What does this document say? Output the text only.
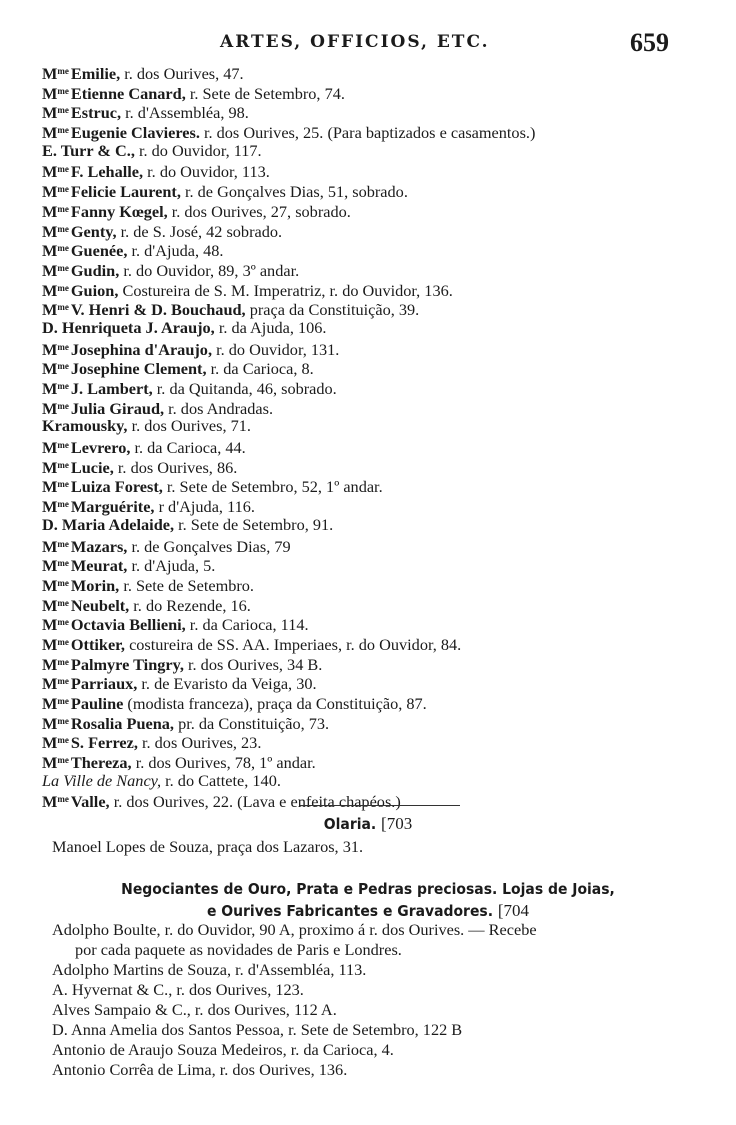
ARTES, OFFICIOS, ETC.	659
$M^{me}$ Emilie, r. dos Ourives, 47.
$M^{me}$ Etienne Canard, r. Sete de Setembro, 74.
$M^{me}$ Estruc, r. d'Assembléa, 98.
$M^{me}$ Eugenie Clavieres. r. dos Ourives, 25. (Para baptizados e casamentos.)
E. Turr & C., r. do Ouvidor, 117.
$M^{me}$ F. Lehalle, r. do Ouvidor, 113.
$M^{me}$ Felicie Laurent, r. de Gonçalves Dias, 51, sobrado.
$M^{me}$ Fanny Kœgel, r. dos Ourives, 27, sobrado.
$M^{me}$ Genty, r. de S. José, 42 sobrado.
$M^{me}$ Guenée, r. d'Ajuda, 48.
$M^{me}$ Gudin, r. do Ouvidor, 89, 3º andar.
$M^{me}$ Guion, Costureira de S. M. Imperatriz, r. do Ouvidor, 136.
$M^{me}$ V. Henri & D. Bouchaud, praça da Constituição, 39.
D. Henriqueta J. Araujo, r. da Ajuda, 106.
$M^{me}$ Josephina d'Araujo, r. do Ouvidor, 131.
$M^{me}$ Josephine Clement, r. da Carioca, 8.
$M^{me}$ J. Lambert, r. da Quitanda, 46, sobrado.
$M^{me}$ Julia Giraud, r. dos Andradas.
Kramousky, r. dos Ourives, 71.
$M^{me}$ Levrero, r. da Carioca, 44.
$M^{me}$ Lucie, r. dos Ourives, 86.
$M^{me}$ Luiza Forest, r. Sete de Setembro, 52, 1º andar.
$M^{me}$ Marguérite, r d'Ajuda, 116.
D. Maria Adelaide, r. Sete de Setembro, 91.
$M^{me}$ Mazars, r. de Gonçalves Dias, 79
$M^{me}$ Meurat, r. d'Ajuda, 5.
$M^{me}$ Morin, r. Sete de Setembro.
$M^{me}$ Neubelt, r. do Rezende, 16.
$M^{me}$ Octavia Bellieni, r. da Carioca, 114.
$M^{me}$ Ottiker, costureira de SS. AA. Imperiaes, r. do Ouvidor, 84.
$M^{me}$ Palmyre Tingry, r. dos Ourives, 34 B.
$M^{me}$ Parriaux, r. de Evaristo da Veiga, 30.
$M^{me}$ Pauline (modista franceza), praça da Constituição, 87.
$M^{me}$ Rosalia Puena, pr. da Constituição, 73.
$M^{me}$ S. Ferrez, r. dos Ourives, 23.
$M^{me}$ Thereza, r. dos Ourives, 78, 1º andar.
La Ville de Nancy, r. do Cattete, 140.
$M^{me}$ Valle, r. dos Ourives, 22. (Lava e enfeita chapéos.)
Olaria. [703
Manoel Lopes de Souza, praça dos Lazaros, 31.
Negociantes de Ouro, Prata e Pedras preciosas. Lojas de Joias,
e Ourives Fabricantes e Gravadores. [704
Adolpho Boulte, r. do Ouvidor, 90 A, proximo á r. dos Ourives. — Recebe
por cada paquete as novidades de Paris e Londres.
Adolpho Martins de Souza, r. d'Assembléa, 113.
A. Hyvernat & C., r. dos Ourives, 123.
Alves Sampaio & C., r. dos Ourives, 112 A.
D. Anna Amelia dos Santos Pessoa, r. Sete de Setembro, 122 B
Antonio de Araujo Souza Medeiros, r. da Carioca, 4.
Antonio Corrêa de Lima, r. dos Ourives, 136.
